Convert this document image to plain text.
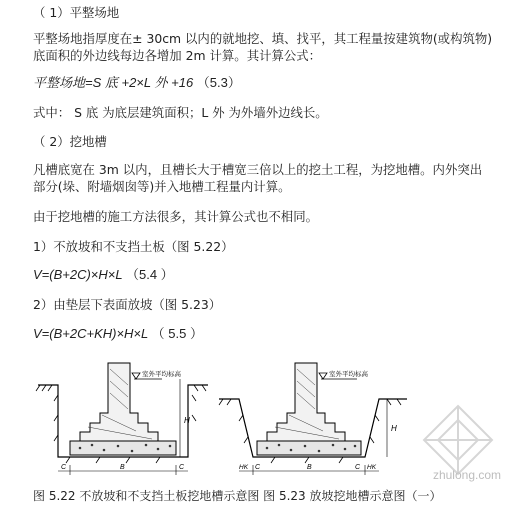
（ 1）平整场地
平整场地指厚度在± 30cm 以内的就地挖、填、找平，其工程量按建筑物(或构筑物)
底面积的外边线每边各增加 2m 计算。其计算公式：
平整场地=S 底 +2×L 外 +16 （5.3）
式中： S 底 为底层建筑面积；L 外 为外墙外边线长。
（ 2）挖地槽
凡槽底宽在 3m 以内，且槽长大于槽宽三倍以上的挖土工程，为挖地槽。内外突出
部分(垛、附墙烟囱等)并入地槽工程量内计算。
由于挖地槽的施工方法很多，其计算公式也不相同。
1）不放坡和不支挡土板（图 5.22）
V=(B+2C)×H×L （5.4 ）
2）由垫层下表面放坡（图 5.23）
V=(B+2C+KH)×H×L （ 5.5 ）
室外平均标高
H
C	B	C
室外平均标高
H
HK C	B	C HK
图 5.22 不放坡和不支挡土板挖地槽示意图 图 5.23 放坡挖地槽示意图（一）
zhulong.com
